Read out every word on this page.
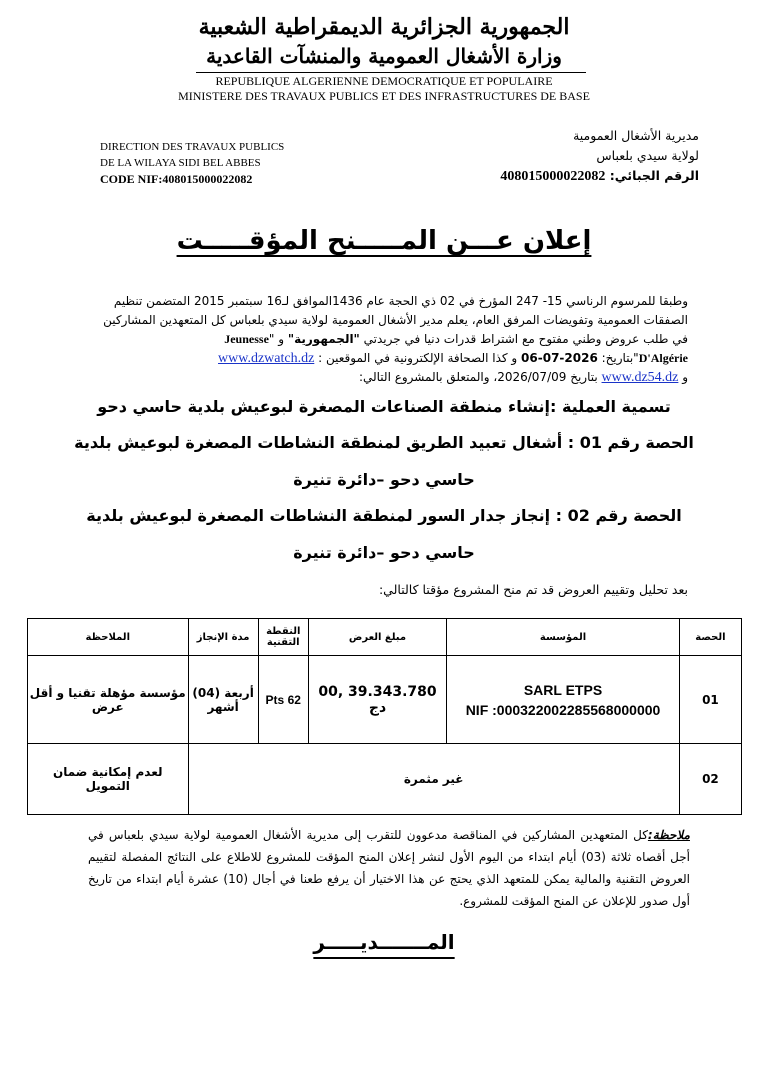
الجمهورية الجزائرية الديمقراطية الشعبية
وزارة الأشغال العمومية والمنشآت القاعدية
REPUBLIQUE ALGERIENNE DEMOCRATIQUE ET POPULAIRE
MINISTERE DES TRAVAUX PUBLICS ET DES INFRASTRUCTURES DE BASE
DIRECTION DES TRAVAUX PUBLICS
DE LA WILAYA SIDI BEL ABBES
CODE NIF:408015000022082
مديرية الأشغال العمومية
لولاية سيدي بلعباس
الرقم الجبائي: 408015000022082
إعلان عـــن المـــــنح المؤقـــــت
وطبقا للمرسوم الرناسي 15- 247 المؤرخ في 02 ذي الحجة عام 1436الموافق لـ16 سبتمبر 2015 المتضمن تنظيم
الصفقات العمومية وتفويضات المرفق العام، يعلم مدير الأشغال العمومية لولاية سيدي بلعباس كل المتعهدين المشاركين
في طلب عروض وطني مفتوح مع اشتراط قدرات دنيا في جريدتي "الجمهورية" و "Jeunesse
D'Algérie"بتاريخ: 2026-07-06 و كذا الصحافة الإلكترونية في الموقعين : www.dzwatch.dz
و www.dz54.dz بتاريخ 2026/07/09، والمتعلق بالمشروع التالي:
تسمية العملية :إنشاء منطقة الصناعات المصغرة لبوعيش بلدية حاسي دحو
الحصة رقم 01 : أشغال تعبيد الطريق لمنطقة النشاطات المصغرة لبوعيش بلدية
حاسي دحو –دائرة تنيرة
الحصة رقم 02 : إنجاز جدار السور لمنطقة النشاطات المصغرة لبوعيش بلدية
حاسي دحو –دائرة تنيرة
بعد تحليل وتقييم العروض قد تم منح المشروع مؤقتا كالتالي:
الحصة	المؤسسة	مبلغ العرض	النقطة التقنية	مدة الإنجاز	الملاحظة
01	SARL ETPS
NIF :000322002285568000000	39.343.780 ,00 دج	62 Pts	أربعة (04) أشهر	مؤسسة مؤهلة تقنيا و أقل عرض
02	غير مثمرة				لعدم إمكانية ضمان التمويل
ملاحظة:كل المتعهدين المشاركين في المناقصة مدعوون للتقرب إلى مديرية الأشغال العمومية لولاية سيدي بلعباس في أجل أقصاه ثلاثة (03) أيام ابتداء من اليوم الأول لنشر إعلان المنح المؤقت للمشروع للاطلاع على النتائج المفصلة لتقييم العروض التقنية والمالية يمكن للمتعهد الذي يحتج عن هذا الاختيار أن يرفع طعنا في أجال (10) عشرة أيام ابتداء من تاريخ أول صدور للإعلان عن المنح المؤقت للمشروع.
المـــــــديـــــر
